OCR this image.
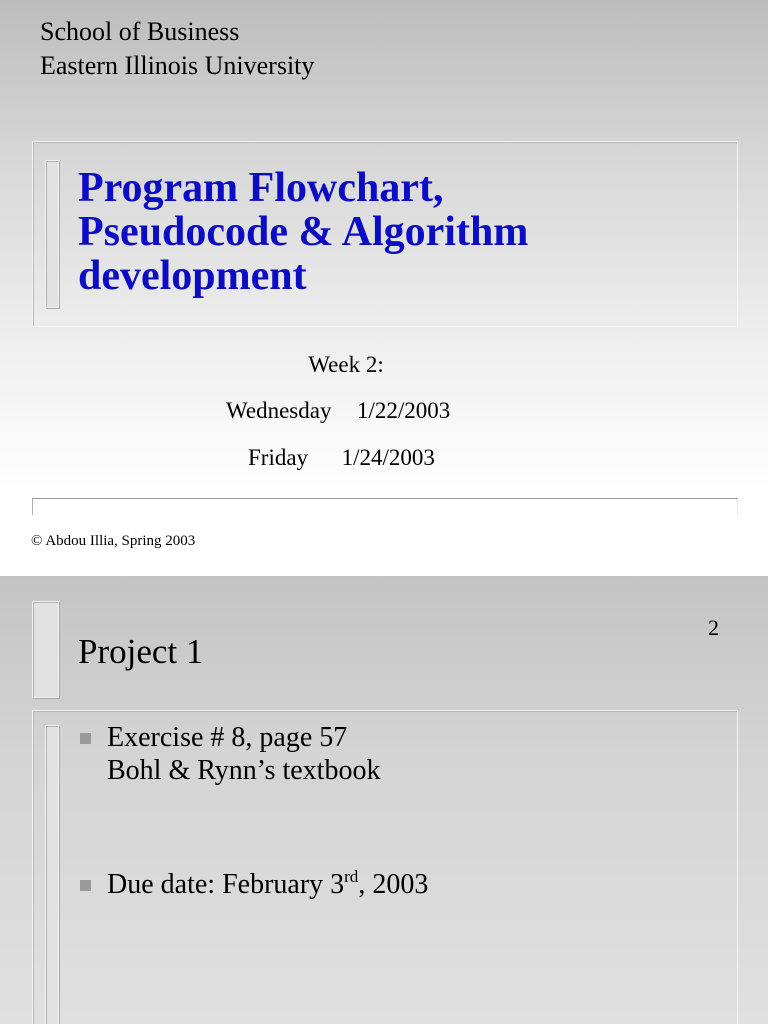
School of Business
Eastern Illinois University
Program Flowchart,
Pseudocode & Algorithm
development
Week 2:
Wednesday 1/22/2003
Friday 1/24/2003
© Abdou Illia, Spring 2003
Project 1
2
Exercise # 8, page 57
Bohl & Rynn’s textbook
Due date: February 3rd, 2003
